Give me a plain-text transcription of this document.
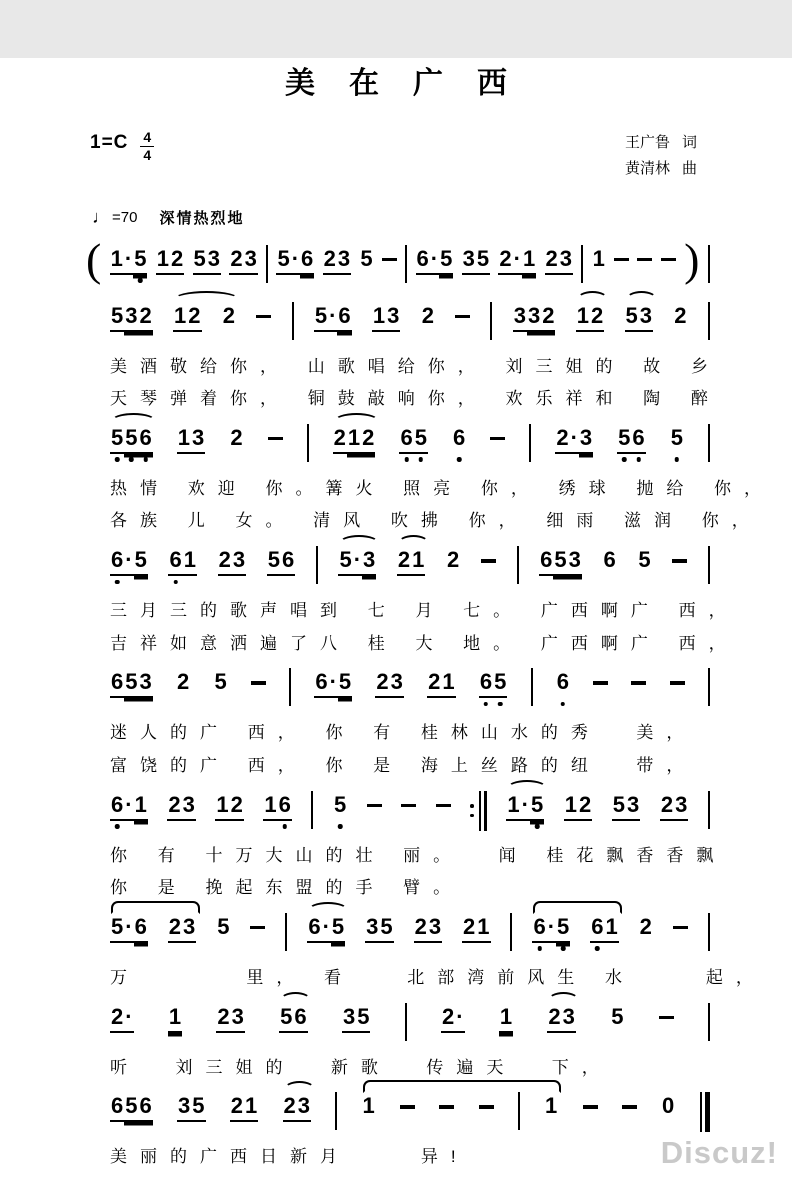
美在广西
$1=C \frac{4}{4}$	王广鲁 词
黄清林 曲
♩ =70 深情热烈地
( 1 · 5 1 2 5 3 2 3 5 · 6 2 3 5 6 · 5 3 5 2 · 1 2 3 1 )
5 3 2 1 2 2	5 · 6 1 3 2	3 3 2 1 2 5 3 2
美酒敬给你， 山歌唱给你， 刘三姐的 故 乡
天琴弹着你， 铜鼓敲响你， 欢乐祥和 陶 醉
5 5 6 1 3 2	2 1 2 6 5 6	2 · 3 5 6 5
热情 欢迎 你。篝火 照亮 你， 绣球 抛给 你，
各族 儿 女。 清风 吹拂 你， 细雨 滋润 你，
6 · 5 6 1 2 3 5 6 5 · 3 2 1 2	6 5 3 6 5
三月三的歌声唱到 七 月 七。 广西啊广 西，
吉祥如意洒遍了八 桂 大 地。 广西啊广 西，
6 5 3 2 5	6 · 5 2 3 2 1 6 5 6
迷人的广 西， 你 有 桂林山水的秀  美，
富饶的广 西， 你 是 海上丝路的纽  带，
6 · 1 2 3 1 2 1 6 5	1 · 5 1 2 5 3 2 3
你 有 十万大山的壮 丽。  闻 桂花飘香香飘
你 是 挽起东盟的手 臂。
5 · 6 2 3 5	6 · 5 3 5 2 3 2 1 6 · 5 6 1 2
万      里， 看   北部湾前风生 水    起，
2 · 1 2 3 5 6 3 5	2 · 1 2 3 5
听  刘三姐的  新歌  传遍天  下，
6 5 6 3 5 2 1 2 3 1	1	0
美丽的广西日新月    异!	Discuz!
